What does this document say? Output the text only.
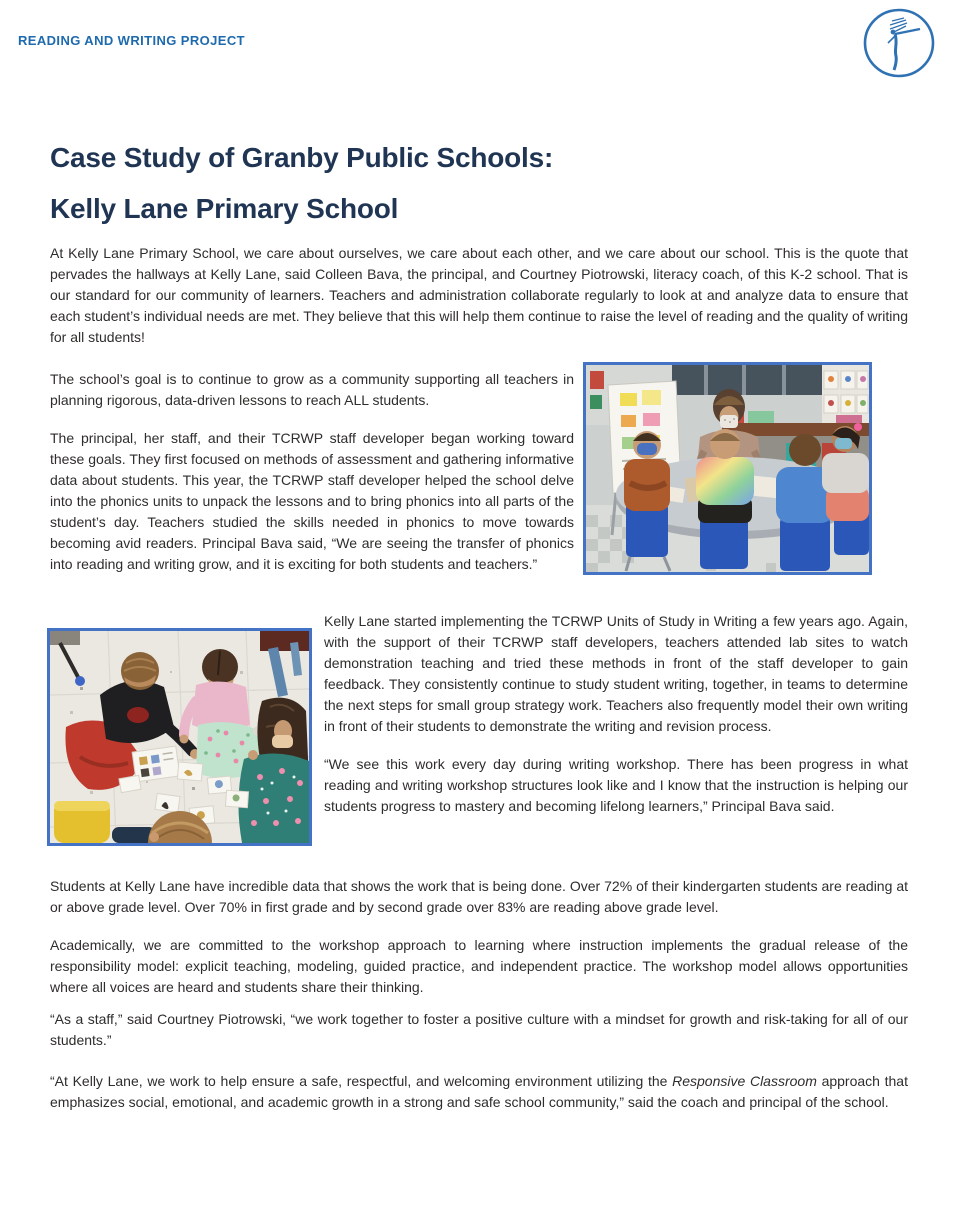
READING AND WRITING PROJECT
Case Study of Granby Public Schools:
Kelly Lane Primary School

At Kelly Lane Primary School, we care about ourselves, we care about each other, and we care about our school. This is the quote that pervades the hallways at Kelly Lane, said Colleen Bava, the principal, and Courtney Piotrowski, literacy coach, of this K-2 school. That is our standard for our community of learners. Teachers and administration collaborate regularly to look at and analyze data to ensure that each student’s individual needs are met. They believe that this will help them continue to raise the level of reading and the quality of writing for all students!

The school’s goal is to continue to grow as a community supporting all teachers in planning rigorous, data-driven lessons to reach ALL students.

The principal, her staff, and their TCRWP staff developer began working toward these goals. They first focused on methods of assessment and gathering informative data about students. This year, the TCRWP staff developer helped the school delve into the phonics units to unpack the lessons and to bring phonics into all parts of the student’s day. Teachers studied the skills needed in phonics to move towards becoming avid readers. Principal Bava said, “We are seeing the transfer of phonics into reading and writing grow, and it is exciting for both students and teachers.”

Kelly Lane started implementing the TCRWP Units of Study in Writing a few years ago. Again, with the support of their TCRWP staff developers, teachers attended lab sites to watch demonstration teaching and tried these methods in front of the staff developer to gain feedback. They consistently continue to study student writing, together, in teams to determine the next steps for small group strategy work. Teachers also frequently model their own writing in front of their students to demonstrate the writing and revision process.

“We see this work every day during writing workshop. There has been progress in what reading and writing workshop structures look like and I know that the instruction is helping our students progress to mastery and becoming lifelong learners,” Principal Bava said.

Students at Kelly Lane have incredible data that shows the work that is being done. Over 72% of their kindergarten students are reading at or above grade level. Over 70% in first grade and by second grade over 83% are reading above grade level.

Academically, we are committed to the workshop approach to learning where instruction implements the gradual release of the responsibility model: explicit teaching, modeling, guided practice, and independent practice. The workshop model allows opportunities where all voices are heard and students share their thinking.

“As a staff,” said Courtney Piotrowski, “we work together to foster a positive culture with a mindset for growth and risk-taking for all of our students.”

“At Kelly Lane, we work to help ensure a safe, respectful, and welcoming environment utilizing the Responsive Classroom approach that emphasizes social, emotional, and academic growth in a strong and safe school community,” said the coach and principal of the school.
